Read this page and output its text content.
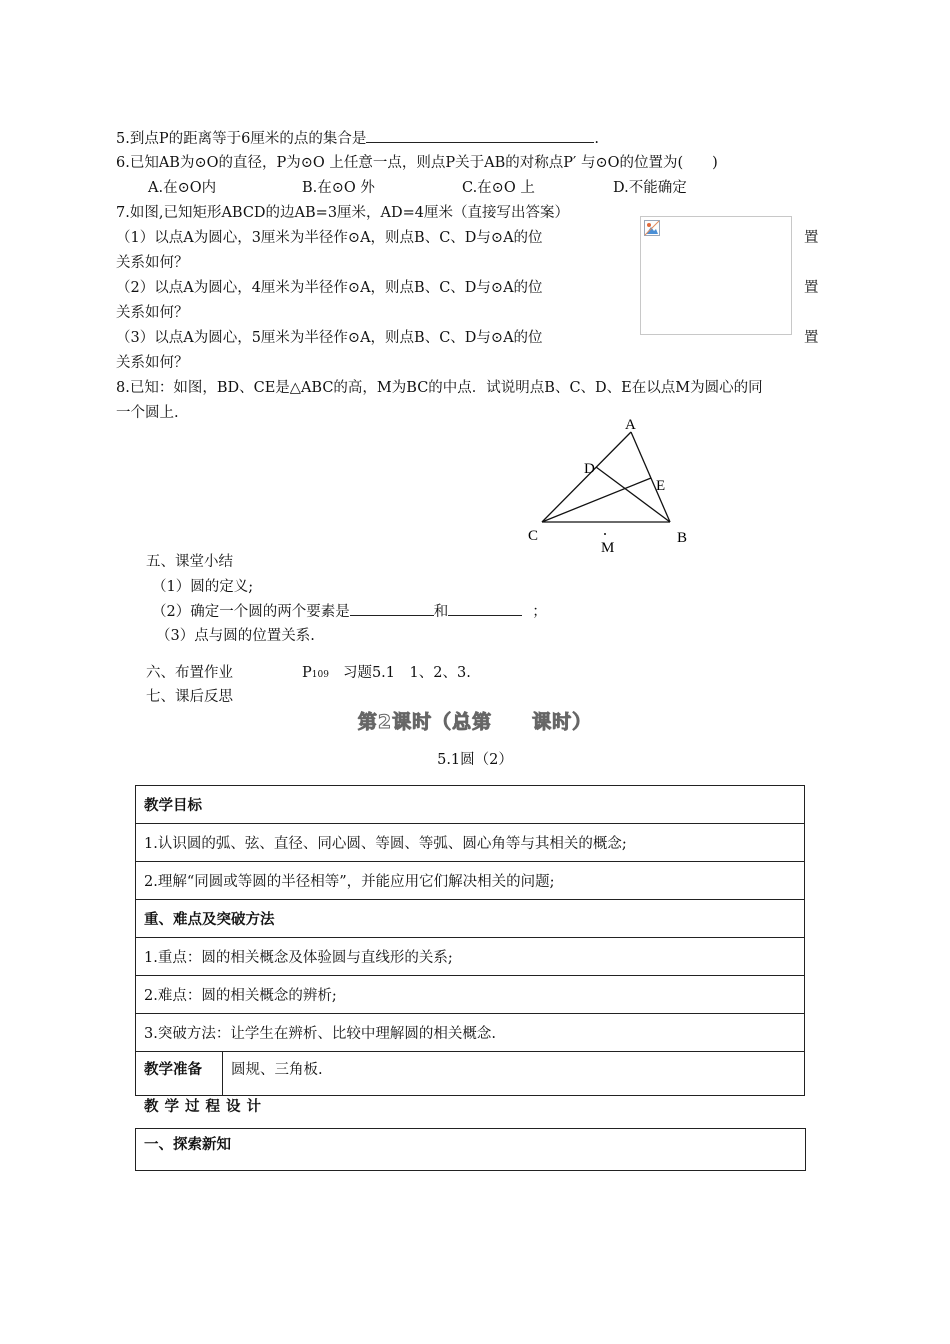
5.到点P的距离等于6厘米的点的集合是	.
6.已知AB为⊙O的直径，P为⊙O 上任意一点，则点P关于AB的对称点P′ 与⊙O的位置为(　　)
A.在⊙O内	B.在⊙O 外	C.在⊙O 上	D.不能确定
7.如图,已知矩形ABCD的边AB=3厘米，AD=4厘米（直接写出答案）
（1）以点A为圆心，3厘米为半径作⊙A，则点B、C、D与⊙A的位
关系如何？
（2）以点A为圆心，4厘米为半径作⊙A，则点B、C、D与⊙A的位
关系如何？
（3）以点A为圆心，5厘米为半径作⊙A，则点B、C、D与⊙A的位
关系如何？
置
置
置
8.已知：如图，BD、CE是△ABC的高，M为BC的中点．试说明点B、C、D、E在以点M为圆心的同
一个圆上.
A
D
E
C	B
M
五、课堂小结
（1）圆的定义;
（2）确定一个圆的两个要素是	和	；
（3）点与圆的位置关系.
六、布置作业	P109 习题5.1　1、2、3.
七、课后反思
第2课时（总第　　课时）
5.1圆（2）
教学目标
1.认识圆的弧、弦、直径、同心圆、等圆、等弧、圆心角等与其相关的概念;
2.理解“同圆或等圆的半径相等”，并能应用它们解决相关的问题;
重、难点及突破方法
1.重点：圆的相关概念及体验圆与直线形的关系;
2.难点：圆的相关概念的辨析;
3.突破方法：让学生在辨析、比较中理解圆的相关概念.
教学准备	圆规、三角板.
教学过程设计
一、探索新知
